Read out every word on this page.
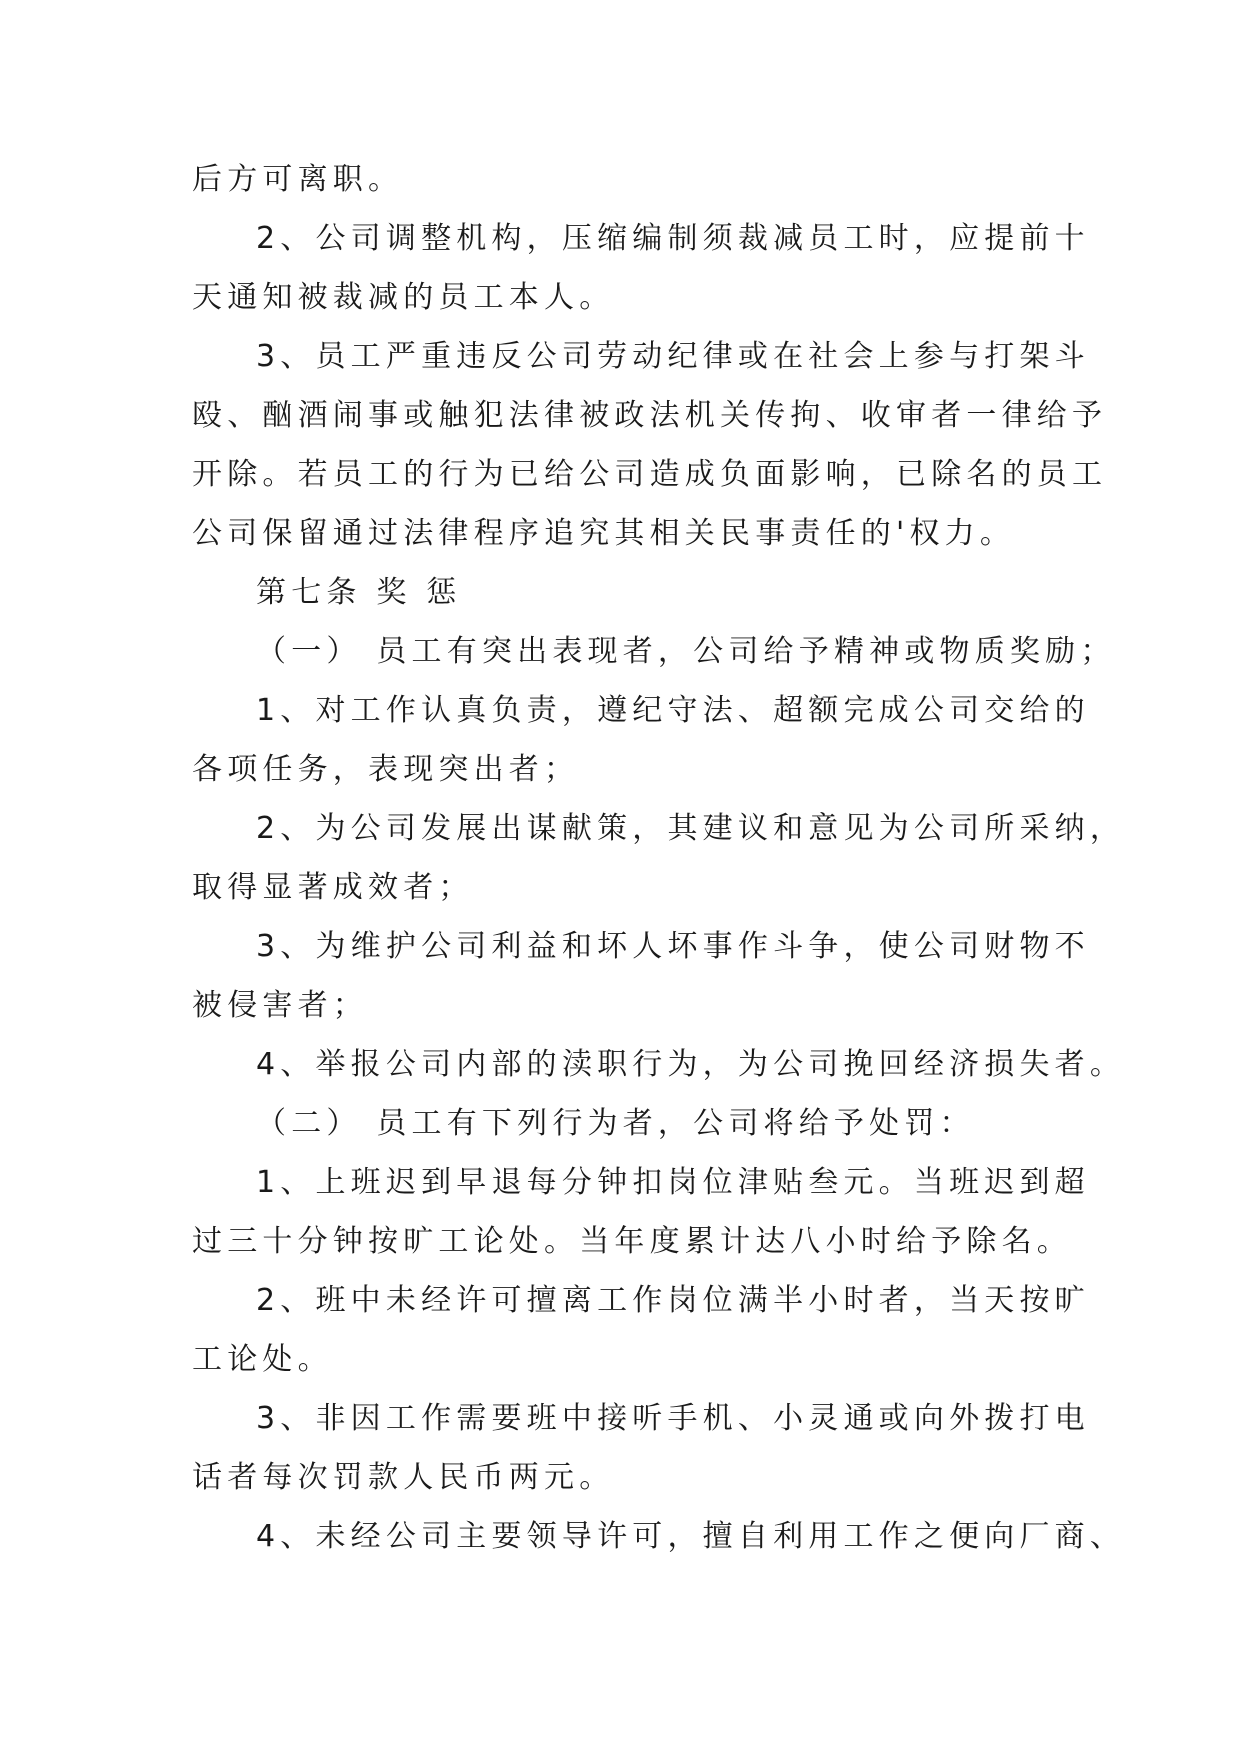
后方可离职。
2、公司调整机构，压缩编制须裁减员工时，应提前十
天通知被裁减的员工本人。
3、员工严重违反公司劳动纪律或在社会上参与打架斗
殴、酗酒闹事或触犯法律被政法机关传拘、收审者一律给予
开除。若员工的行为已给公司造成负面影响，已除名的员工
公司保留通过法律程序追究其相关民事责任的'权力。
第七条 奖 惩
（一） 员工有突出表现者，公司给予精神或物质奖励；
1、对工作认真负责，遵纪守法、超额完成公司交给的
各项任务，表现突出者；
2、为公司发展出谋献策，其建议和意见为公司所采纳，
取得显著成效者；
3、为维护公司利益和坏人坏事作斗争，使公司财物不
被侵害者；
4、举报公司内部的渎职行为，为公司挽回经济损失者。
（二） 员工有下列行为者，公司将给予处罚：
1、上班迟到早退每分钟扣岗位津贴叁元。当班迟到超
过三十分钟按旷工论处。当年度累计达八小时给予除名。
2、班中未经许可擅离工作岗位满半小时者，当天按旷
工论处。
3、非因工作需要班中接听手机、小灵通或向外拨打电
话者每次罚款人民币两元。
4、未经公司主要领导许可，擅自利用工作之便向厂商、
